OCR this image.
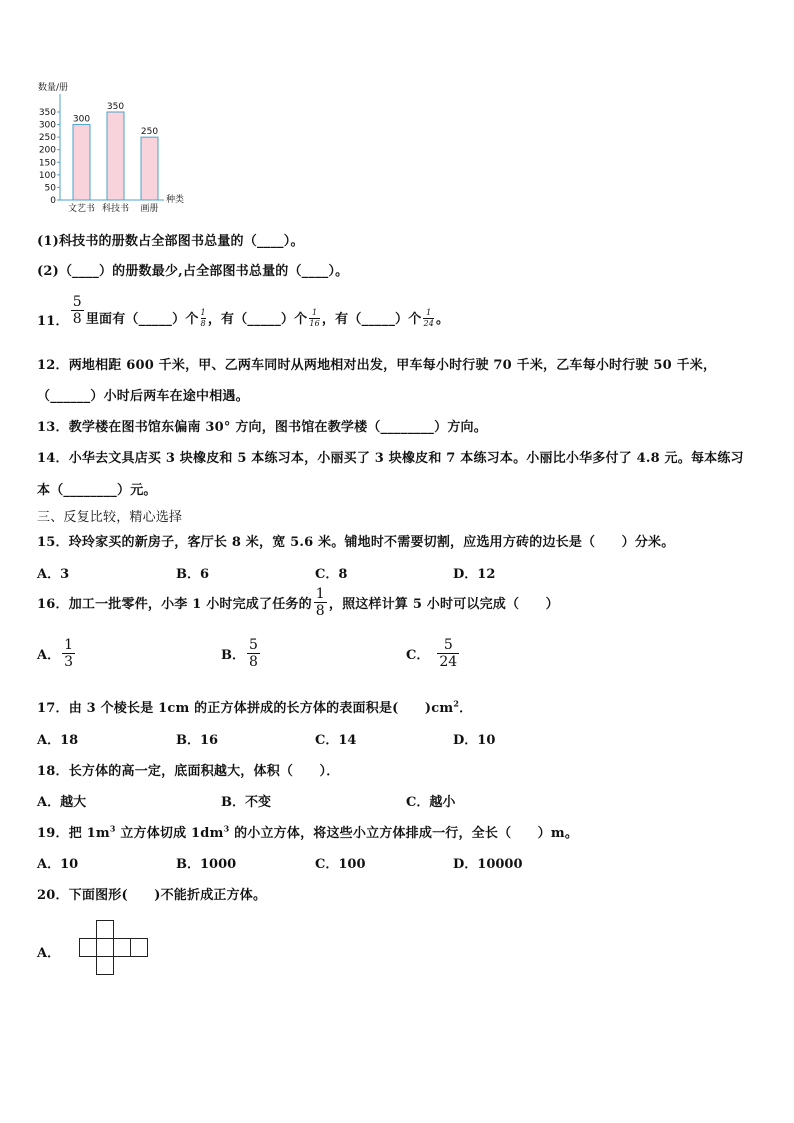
数量/册
0
50
100
150
200
250
300
350
300
文艺书
350
科技书
250
画册
种类
(1)科技书的册数占全部图书总量的（____）。
(2)（____）的册数最少,占全部图书总量的（____）。
11． $\frac{5}{8}$ 里面有（_____）个 $\frac{1}{8}$ ，有（_____）个 $\frac{1}{16}$ ，有（_____）个 $\frac{1}{24}$ 。
12．两地相距 600 千米，甲、乙两车同时从两地相对出发，甲车每小时行驶 70 千米，乙车每小时行驶 50 千米，
（______）小时后两车在途中相遇。
13．教学楼在图书馆东偏南 30° 方向，图书馆在教学楼（________）方向。
14．小华去文具店买 3 块橡皮和 5 本练习本，小丽买了 3 块橡皮和 7 本练习本。小丽比小华多付了 4.8 元。每本练习
本（________）元。
三、反复比较，精心选择
15．玲玲家买的新房子，客厅长 8 米，宽 5.6 米。铺地时不需要切割，应选用方砖的边长是（　　）分米。
A．3	B．6	C．8	D．12
16．加工一批零件，小李 1 小时完成了任务的 $\frac{1}{8}$ ，照这样计算 5 小时可以完成（　　）
A． $\frac{1}{3}$	B． $\frac{5}{8}$	C． $\frac{5}{24}$
17．由 3 个棱长是 1cm 的正方体拼成的长方体的表面积是(　　)$cm^2$．
A．18	B．16	C．14	D．10
18．长方体的高一定，底面积越大，体积（　　）．
A．越大	B．不变	C．越小
19．把 $1m^3$ 立方体切成 $1dm^3$ 的小立方体，将这些小立方体排成一行，全长（　　）m。
A．10	B．1000	C．100	D．10000
20．下面图形(　　)不能折成正方体。
A．
